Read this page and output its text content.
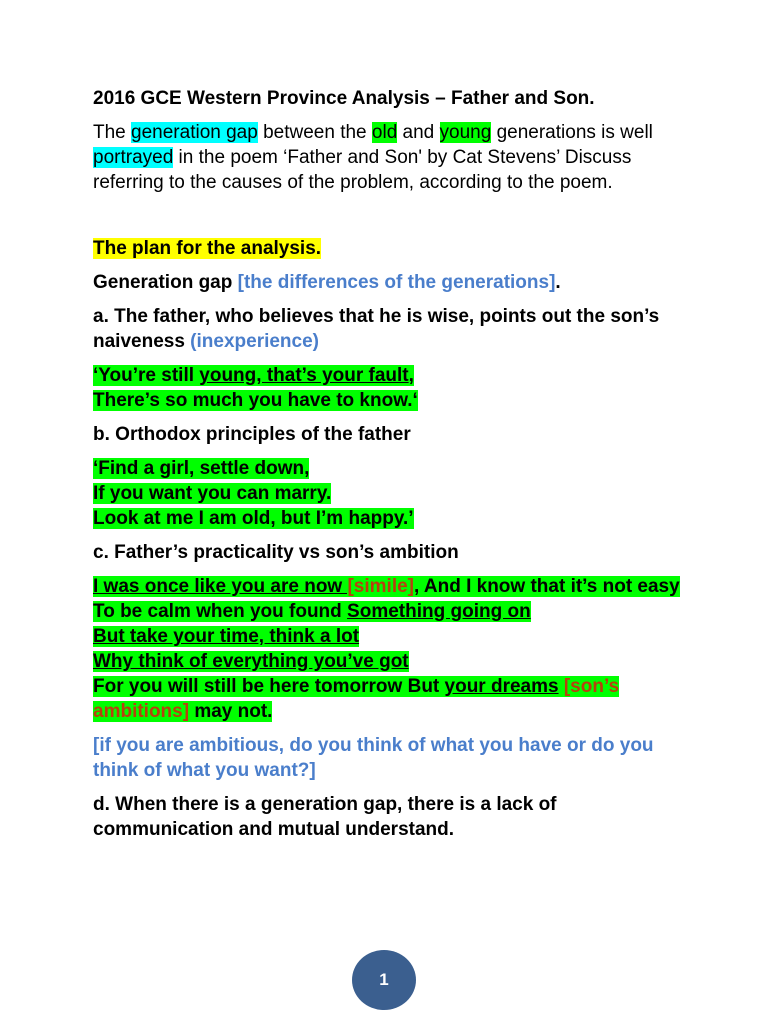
2016 GCE Western Province Analysis – Father and Son.

The generation gap between the old and young generations is well portrayed in the poem ‘Father and Son' by Cat Stevens’ Discuss referring to the causes of the problem, according to the poem.

The plan for the analysis.

Generation gap [the differences of the generations].

a. The father, who believes that he is wise, points out the son’s naiveness (inexperience)

‘You’re still young, that’s your fault,
There’s so much you have to know.‘

b. Orthodox principles of the father

‘Find a girl, settle down,
If you want you can marry.
Look at me I am old, but I’m happy.’

c. Father’s practicality vs son’s ambition

I was once like you are now [simile], And I know that it’s not easy
To be calm when you found Something going on
But take your time, think a lot
Why think of everything you’ve got
For you will still be here tomorrow But your dreams [son’s ambitions] may not.

[if you are ambitious, do you think of what you have or do you think of what you want?]

d. When there is a generation gap, there is a lack of communication and mutual understand.

1
